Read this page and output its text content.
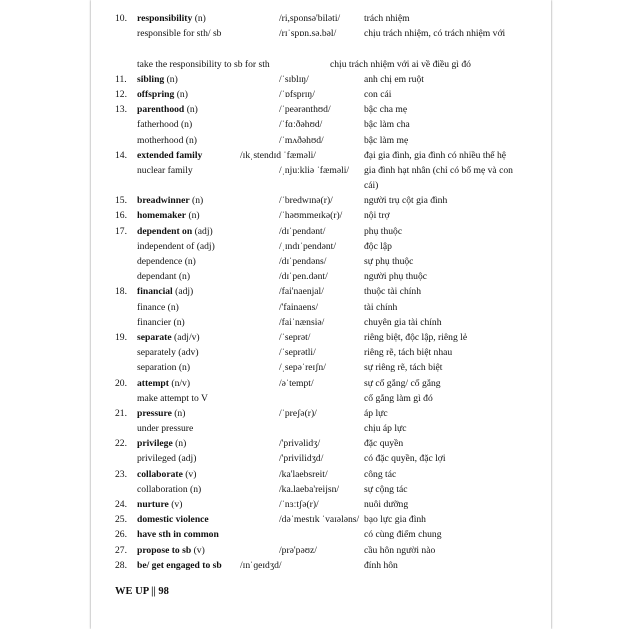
10.	responsibility (n)	/ri,sponsə'biləti/ trách nhiệm
responsible for sth/ sb	/rɪˈspɒn.sə.bəl/	chịu trách nhiệm, có trách nhiệm với
take the responsibility to sb for sth	chịu trách nhiệm với ai về điều gì đó
11.	sibling (n)	/ˈsɪblɪŋ/	anh chị em ruột
12.	offspring (n)	/ˈɒfsprɪŋ/	con cái
13.	parenthood (n)	/ˈpeərənthʊd/	bậc cha mẹ
fatherhood (n)	/ˈfɑːðəhʊd/	bậc làm cha
motherhood (n)	/ˈmʌðəhʊd/	bậc làm mẹ
14.	extended family	/ɪkˌstendɪd ˈfæməli/	đại gia đình, gia đình có nhiều thế hệ
nuclear family	/ˌnjuːkliə ˈfæməli/ gia đình hạt nhân (chỉ có bố mẹ và con cái)
15.	breadwinner (n)	/ˈbredwɪnə(r)/	người trụ cột gia đình
16.	homemaker (n)	/ˈhəʊmmeɪkə(r)/ nội trợ
17.	dependent on (adj)	/dɪˈpendənt/	phụ thuộc
independent of (adj)	/ˌɪndɪˈpendənt/	độc lập
dependence (n)	/dɪˈpendəns/	sự phụ thuộc
dependant (n)	/dɪˈpen.dənt/	người phụ thuộc
18.	financial (adj)	/fai'naenjal/	thuộc tài chính
finance (n)	/'fainaens/	tài chính
financier (n)	/faiˈnænsiə/	chuyên gia tài chính
19.	separate (adj/v)	/ˈseprət/	riêng biệt, độc lập, riêng lẻ
separately (adv)	/ˈseprətli/	riêng rẽ, tách biệt nhau
separation (n)	/ˌsepəˈreɪʃn/	sự riêng rẽ, tách biệt
20.	attempt (n/v)	/əˈtempt/	sự cố gắng/ cố gắng
make attempt to V	cố gắng làm gì đó
21.	pressure (n)	/ˈpreʃə(r)/	áp lực
under pressure	chịu áp lực
22.	privilege (n)	/'privəlidʒ/	đặc quyền
privileged (adj)	/'privilidʒd/	có đặc quyền, đặc lợi
23.	collaborate (v)	/ka'laebsreit/	công tác
collaboration (n)	/ka.laeba'reijsn/	sự cộng tác
24.	nurture (v)	/ˈnɜːtʃə(r)/	nuôi dưỡng
25.	domestic violence	/dəˈmestɪk ˈvaɪələns/ bạo lực gia đình
26.	have sth in common	có cùng điểm chung
27.	propose to sb (v)	/prə'pəʊz/	cầu hôn người nào
28.	be/ get engaged to sb /ɪnˈɡeɪdʒd/	đính hôn
WE UP || 98
